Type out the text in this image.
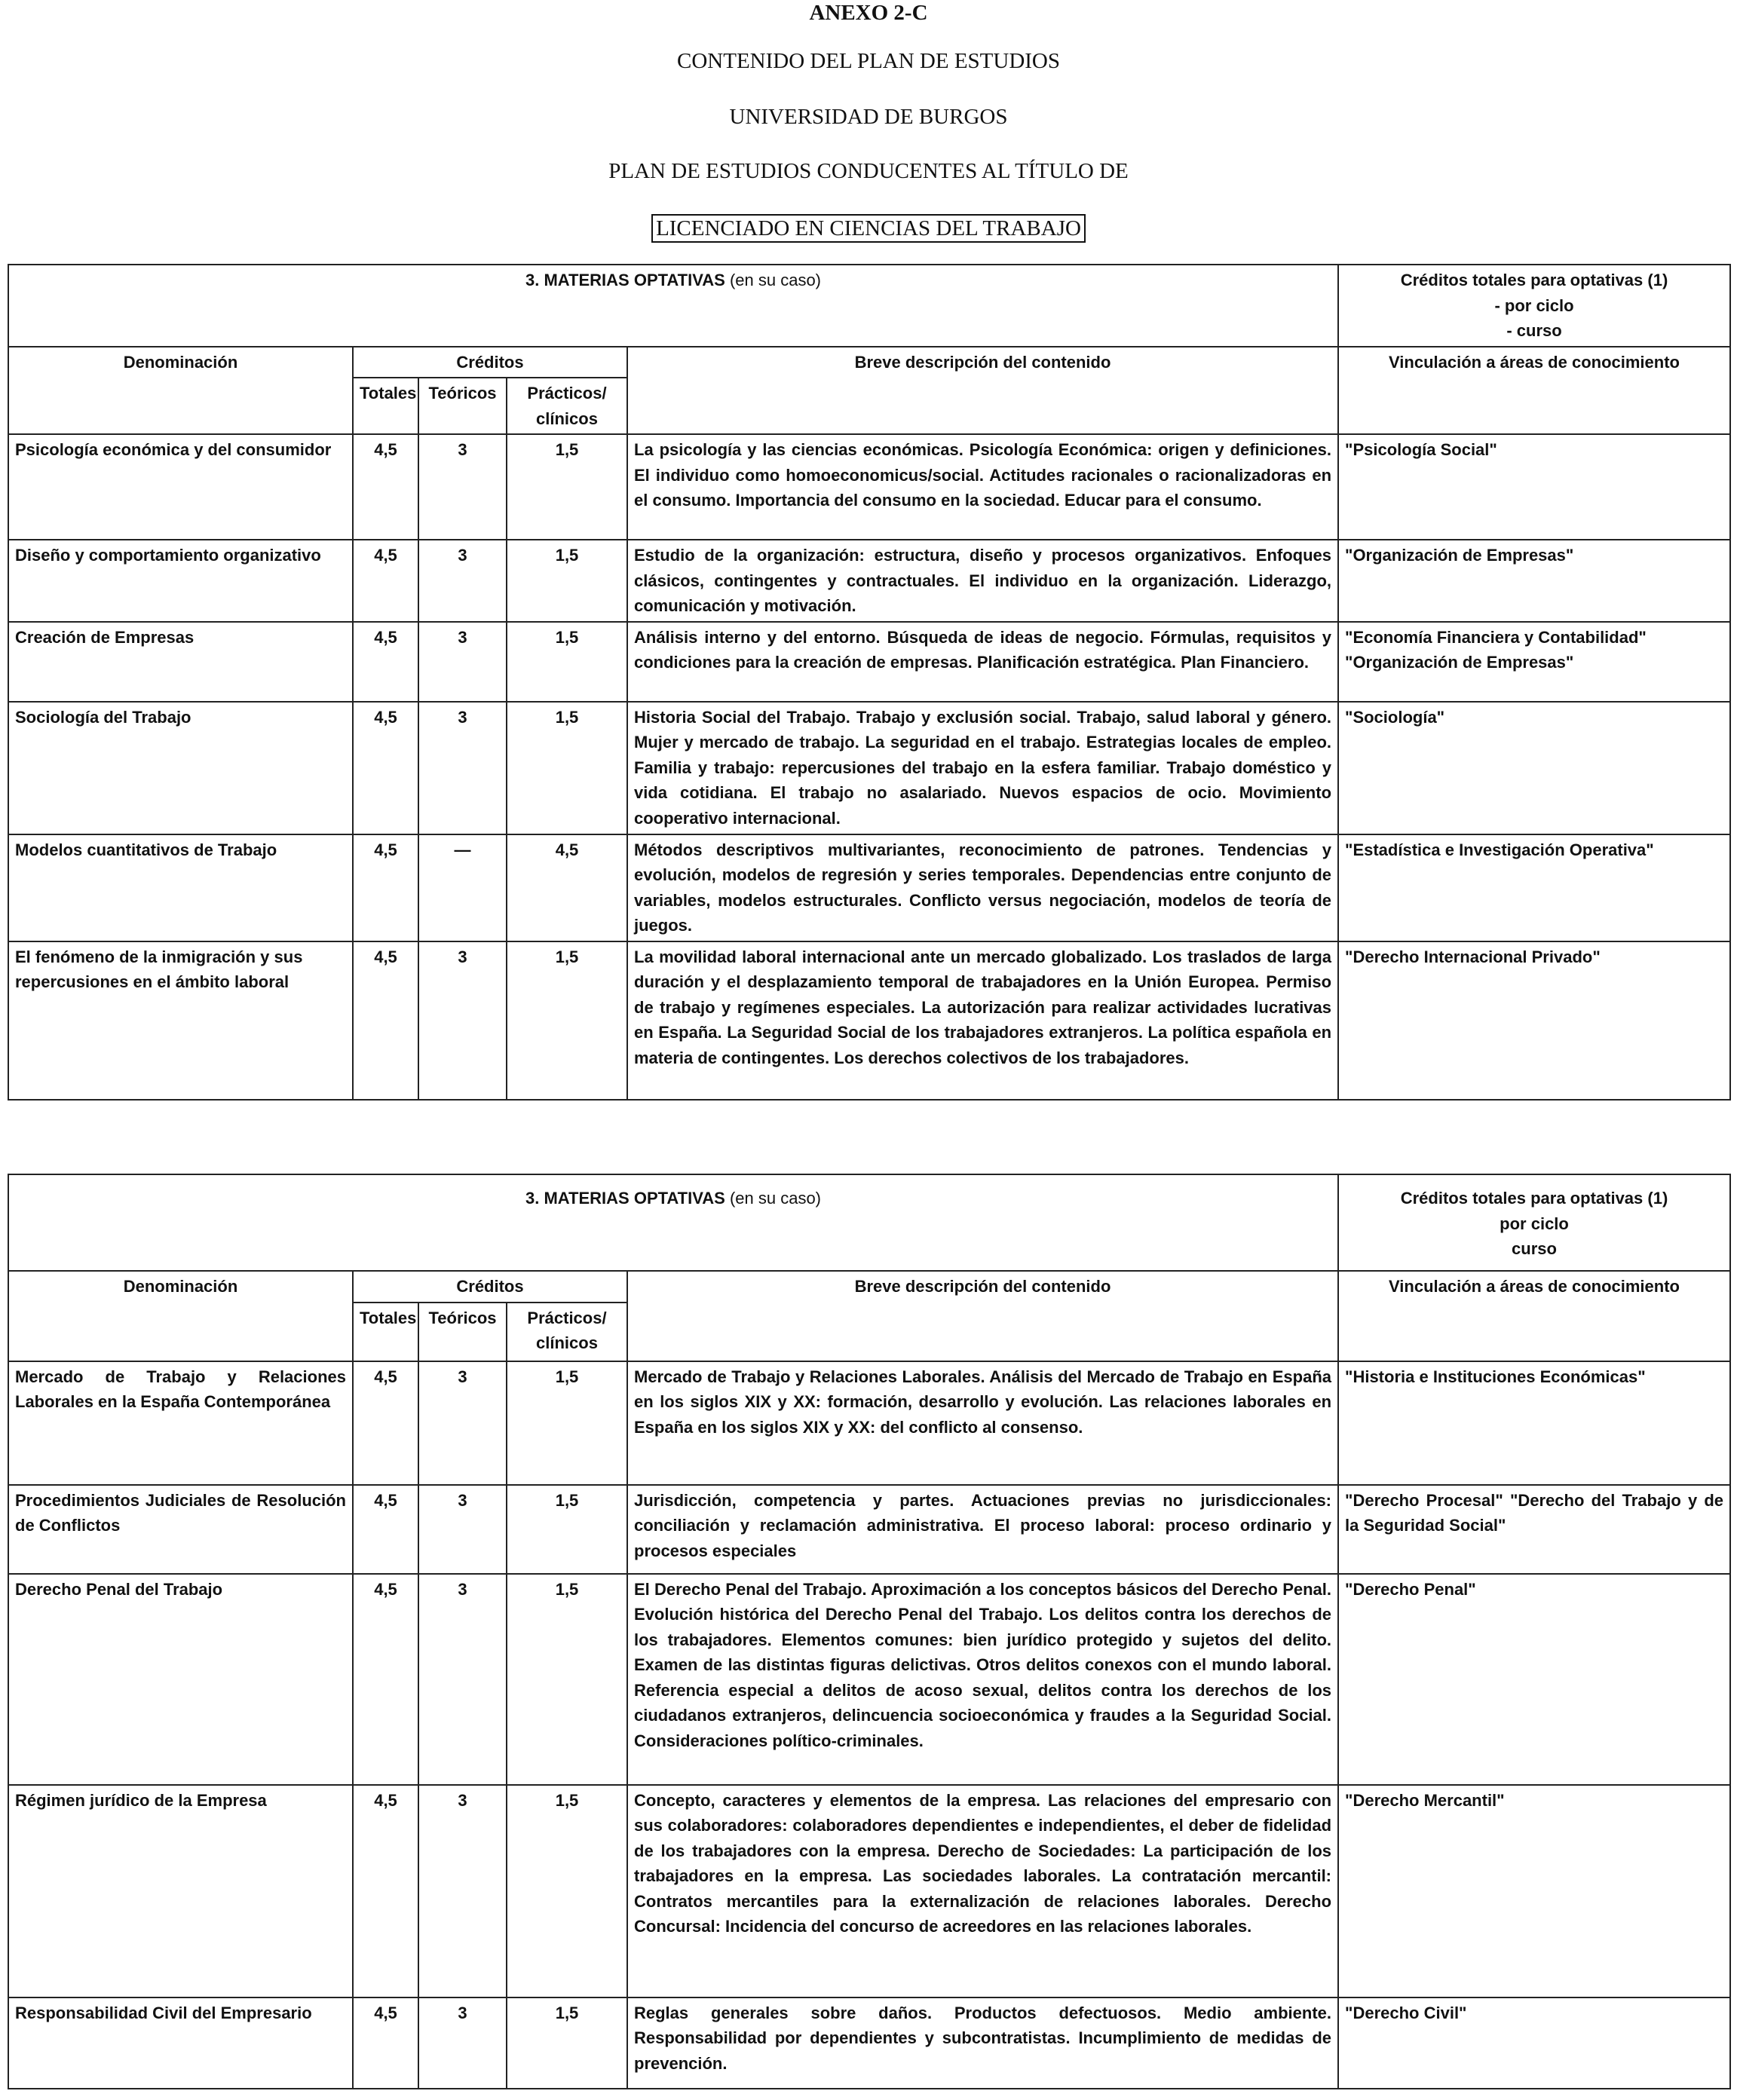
ANEXO 2-C
CONTENIDO DEL PLAN DE ESTUDIOS
UNIVERSIDAD DE BURGOS
PLAN DE ESTUDIOS CONDUCENTES AL TÍTULO DE
LICENCIADO EN CIENCIAS DEL TRABAJO
3. MATERIAS OPTATIVAS (en su caso)					Créditos totales para optativas (1)
- por ciclo
- curso

Denominación	Créditos			Breve descripción del contenido	Vinculación a áreas de conocimiento
	Totales	Teóricos	Prácticos/ clínicos		
Psicología económica y del consumidor	4,5	3	1,5	La psicología y las ciencias económicas. Psicología Económica: origen y definiciones. El individuo como homoeconomicus/social. Actitudes racionales o racionalizadoras en el consumo. Importancia del consumo en la sociedad. Educar para el consumo.	"Psicología Social"
Diseño y comportamiento organizativo	4,5	3	1,5	Estudio de la organización: estructura, diseño y procesos organizativos. Enfoques clásicos, contingentes y contractuales. El individuo en la organización. Liderazgo, comunicación y motivación.	"Organización de Empresas"
Creación de Empresas	4,5	3	1,5	Análisis interno y del entorno. Búsqueda de ideas de negocio. Fórmulas, requisitos y condiciones para la creación de empresas. Planificación estratégica. Plan Financiero.	"Economía Financiera y Contabilidad" "Organización de Empresas"
Sociología del Trabajo	4,5	3	1,5	Historia Social del Trabajo. Trabajo y exclusión social. Trabajo, salud laboral y género. Mujer y mercado de trabajo. La seguridad en el trabajo. Estrategias locales de empleo. Familia y trabajo: repercusiones del trabajo en la esfera familiar. Trabajo doméstico y vida cotidiana. El trabajo no asalariado. Nuevos espacios de ocio. Movimiento cooperativo internacional.	"Sociología"
Modelos cuantitativos de Trabajo	4,5	—	4,5	Métodos descriptivos multivariantes, reconocimiento de patrones. Tendencias y evolución, modelos de regresión y series temporales. Dependencias entre conjunto de variables, modelos estructurales. Conflicto versus negociación, modelos de teoría de juegos.	"Estadística e Investigación Operativa"
El fenómeno de la inmigración y sus repercusiones en el ámbito laboral	4,5	3	1,5	La movilidad laboral internacional ante un mercado globalizado. Los traslados de larga duración y el desplazamiento temporal de trabajadores en la Unión Europea. Permiso de trabajo y regímenes especiales. La autorización para realizar actividades lucrativas en España. La Seguridad Social de los trabajadores extranjeros. La política española en materia de contingentes. Los derechos colectivos de los trabajadores.	"Derecho Internacional Privado"
3. MATERIAS OPTATIVAS (en su caso)					Créditos totales para optativas (1)
por ciclo
curso

Denominación	Créditos			Breve descripción del contenido	Vinculación a áreas de conocimiento
	Totales	Teóricos	Prácticos/ clínicos		
Mercado de Trabajo y Relaciones Laborales en la España Contemporánea	4,5	3	1,5	Mercado de Trabajo y Relaciones Laborales. Análisis del Mercado de Trabajo en España en los siglos XIX y XX: formación, desarrollo y evolución. Las relaciones laborales en España en los siglos XIX y XX: del conflicto al consenso.	"Historia e Instituciones Económicas"
Procedimientos Judiciales de Resolución de Conflictos	4,5	3	1,5	Jurisdicción, competencia y partes. Actuaciones previas no jurisdiccionales: conciliación y reclamación administrativa. El proceso laboral: proceso ordinario y procesos especiales	"Derecho Procesal" "Derecho del Trabajo y de la Seguridad Social"
Derecho Penal del Trabajo	4,5	3	1,5	El Derecho Penal del Trabajo. Aproximación a los conceptos básicos del Derecho Penal. Evolución histórica del Derecho Penal del Trabajo. Los delitos contra los derechos de los trabajadores. Elementos comunes: bien jurídico protegido y sujetos del delito. Examen de las distintas figuras delictivas. Otros delitos conexos con el mundo laboral. Referencia especial a delitos de acoso sexual, delitos contra los derechos de los ciudadanos extranjeros, delincuencia socioeconómica y fraudes a la Seguridad Social. Consideraciones político-criminales.	"Derecho Penal"
Régimen jurídico de la Empresa	4,5	3	1,5	Concepto, caracteres y elementos de la empresa. Las relaciones del empresario con sus colaboradores: colaboradores dependientes e independientes, el deber de fidelidad de los trabajadores con la empresa. Derecho de Sociedades: La participación de los trabajadores en la empresa. Las sociedades laborales. La contratación mercantil: Contratos mercantiles para la externalización de relaciones laborales. Derecho Concursal: Incidencia del concurso de acreedores en las relaciones laborales.	"Derecho Mercantil"
Responsabilidad Civil del Empresario	4,5	3	1,5	Reglas generales sobre daños. Productos defectuosos. Medio ambiente. Responsabilidad por dependientes y subcontratistas. Incumplimiento de medidas de prevención.	"Derecho Civil"
